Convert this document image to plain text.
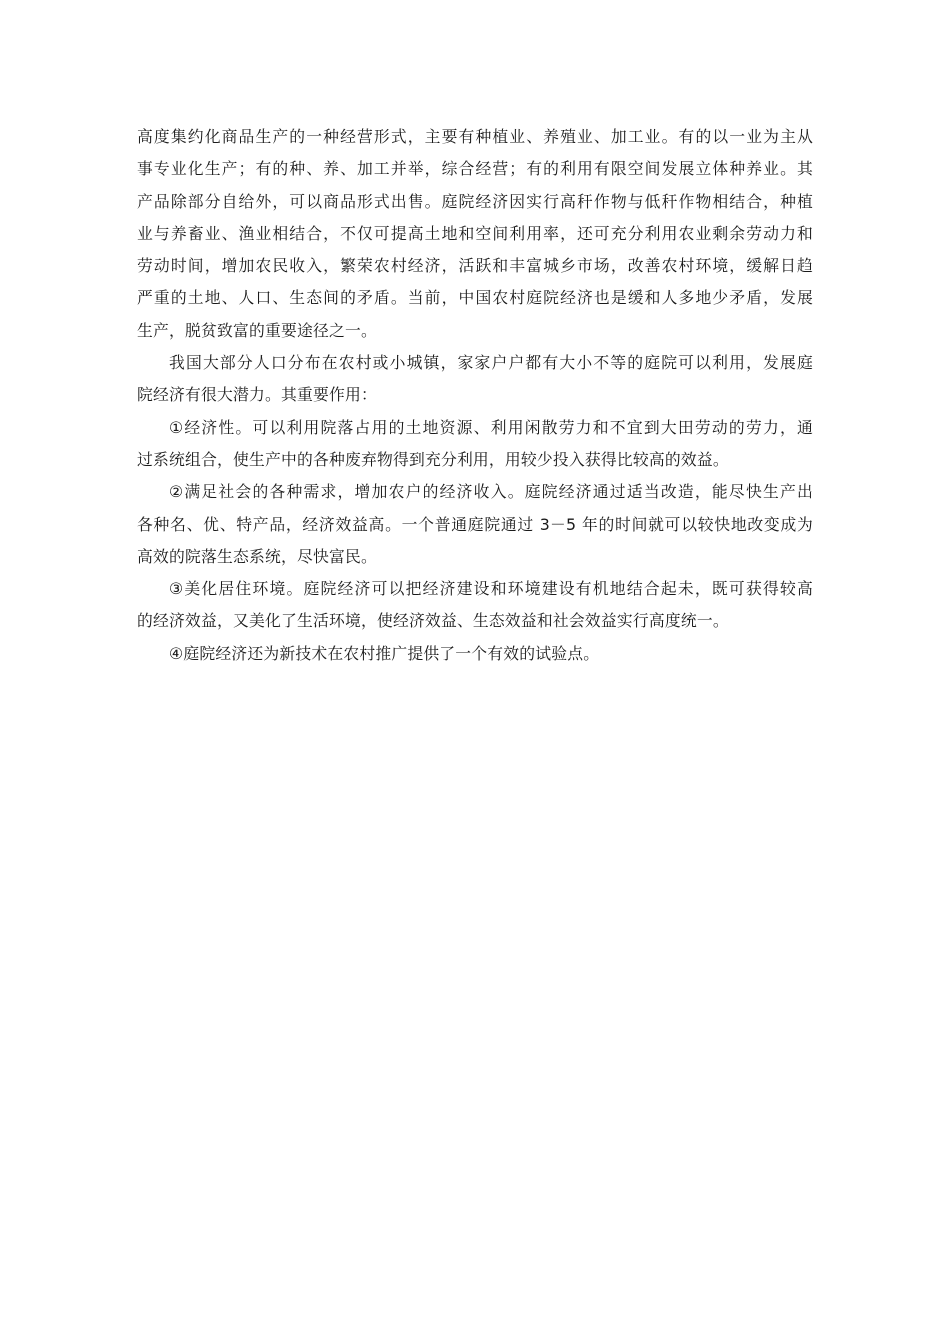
高度集约化商品生产的一种经营形式，主要有种植业、养殖业、加工业。有的以一业为主从
事专业化生产；有的种、养、加工并举，综合经营；有的利用有限空间发展立体种养业。其
产品除部分自给外，可以商品形式出售。庭院经济因实行高秆作物与低秆作物相结合，种植
业与养畜业、渔业相结合，不仅可提高土地和空间利用率，还可充分利用农业剩余劳动力和
劳动时间，增加农民收入，繁荣农村经济，活跃和丰富城乡市场，改善农村环境，缓解日趋
严重的土地、人口、生态间的矛盾。当前，中国农村庭院经济也是缓和人多地少矛盾，发展
生产，脱贫致富的重要途径之一。

我国大部分人口分布在农村或小城镇，家家户户都有大小不等的庭院可以利用，发展庭
院经济有很大潜力。其重要作用：

①经济性。可以利用院落占用的土地资源、利用闲散劳力和不宜到大田劳动的劳力，通
过系统组合，使生产中的各种废弃物得到充分利用，用较少投入获得比较高的效益。

②满足社会的各种需求，增加农户的经济收入。庭院经济通过适当改造，能尽快生产出
各种名、优、特产品，经济效益高。一个普通庭院通过 3－5 年的时间就可以较快地改变成为
高效的院落生态系统，尽快富民。

③美化居住环境。庭院经济可以把经济建设和环境建设有机地结合起未，既可获得较高
的经济效益，又美化了生活环境，使经济效益、生态效益和社会效益实行高度统一。

④庭院经济还为新技术在农村推广提供了一个有效的试验点。
